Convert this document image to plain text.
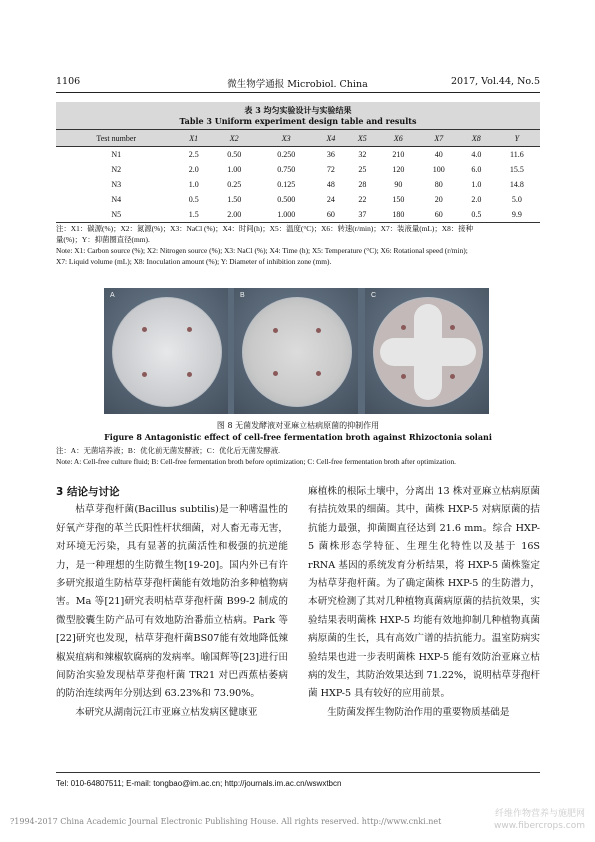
1106	微生物学通报 Microbiol. China	2017, Vol.44, No.5
表 3 均匀实验设计与实验结果
Table 3 Uniform experiment design table and results
Test number	X1	X2	X3	X4	X5	X6	X7	X8	Y
N1	2.5	0.50	0.250	36	32	210	40	4.0	11.6
N2	2.0	1.00	0.750	72	25	120	100	6.0	15.5
N3	1.0	0.25	0.125	48	28	90	80	1.0	14.8
N4	0.5	1.50	0.500	24	22	150	20	2.0	5.0
N5	1.5	2.00	1.000	60	37	180	60	0.5	9.9

注：X1：碳源(%)；X2：氮源(%)；X3：NaCl (%)；X4：时间(h)；X5：温度(°C)；X6：转速(r/min)；X7：装液量(mL)；X8：接种

量(%)；Y：抑菌圈直径(mm).

Note: X1: Carbon source (%); X2: Nitrogen source (%); X3: NaCl (%); X4: Time (h); X5: Temperature (°C); X6: Rotational speed (r/min);

X7: Liquid volume (mL); X8: Inoculation amount (%); Y: Diameter of inhibition zone (mm).

A	B	C
图 8 无菌发酵液对亚麻立枯病原菌的抑制作用
Figure 8 Antagonistic effect of cell-free fermentation broth against Rhizoctonia solani

注：A：无菌培养液；B：优化前无菌发酵液；C：优化后无菌发酵液.

Note: A: Cell-free culture fluid; B: Cell-free fermentation broth before optimization; C: Cell-free fermentation broth after optimization.

3 结论与讨论

枯草芽孢杆菌(Bacillus subtilis)是一种嗜温性的好氧产芽孢的革兰氏阳性杆状细菌，对人畜无毒无害，对环境无污染，具有显著的抗菌活性和极强的抗逆能力，是一种理想的生防微生物[19-20]。国内外已有许多研究报道生防枯草芽孢杆菌能有效地防治多种植物病害。Ma 等[21]研究表明枯草芽孢杆菌 B99-2 制成的微型胶囊生防产品可有效地防治番茄立枯病。Park 等[22]研究也发现，枯草芽孢杆菌BS07能有效地降低辣椒炭疽病和辣椒软腐病的发病率。喻国辉等[23]进行田间防治实验发现枯草芽孢杆菌 TR21 对巴西蕉枯萎病的防治连续两年分别达到 63.23%和 73.90%。

本研究从湖南沅江市亚麻立枯发病区健康亚

麻植株的根际土壤中，分离出 13 株对亚麻立枯病原菌有拮抗效果的细菌。其中，菌株 HXP-5 对病原菌的拮抗能力最强，抑菌圈直径达到 21.6 mm。综合 HXP-5 菌株形态学特征、生理生化特性以及基于 16S rRNA 基因的系统发育分析结果，将 HXP-5 菌株鉴定为枯草芽孢杆菌。为了确定菌株 HXP-5 的生防潜力，本研究检测了其对几种植物真菌病原菌的拮抗效果，实验结果表明菌株 HXP-5 均能有效地抑制几种植物真菌病原菌的生长，具有高效广谱的拮抗能力。温室防病实验结果也进一步表明菌株 HXP-5 能有效防治亚麻立枯病的发生，其防治效果达到 71.22%，说明枯草芽孢杆菌 HXP-5 具有较好的应用前景。

生防菌发挥生物防治作用的重要物质基础是

Tel: 010-64807511; E-mail: tongbao@im.ac.cn; http://journals.im.ac.cn/wswxtbcn
?1994-2017 China Academic Journal Electronic Publishing House. All rights reserved. http://www.cnki.net
纤维作物营养与施肥网
www.fibercrops.com
